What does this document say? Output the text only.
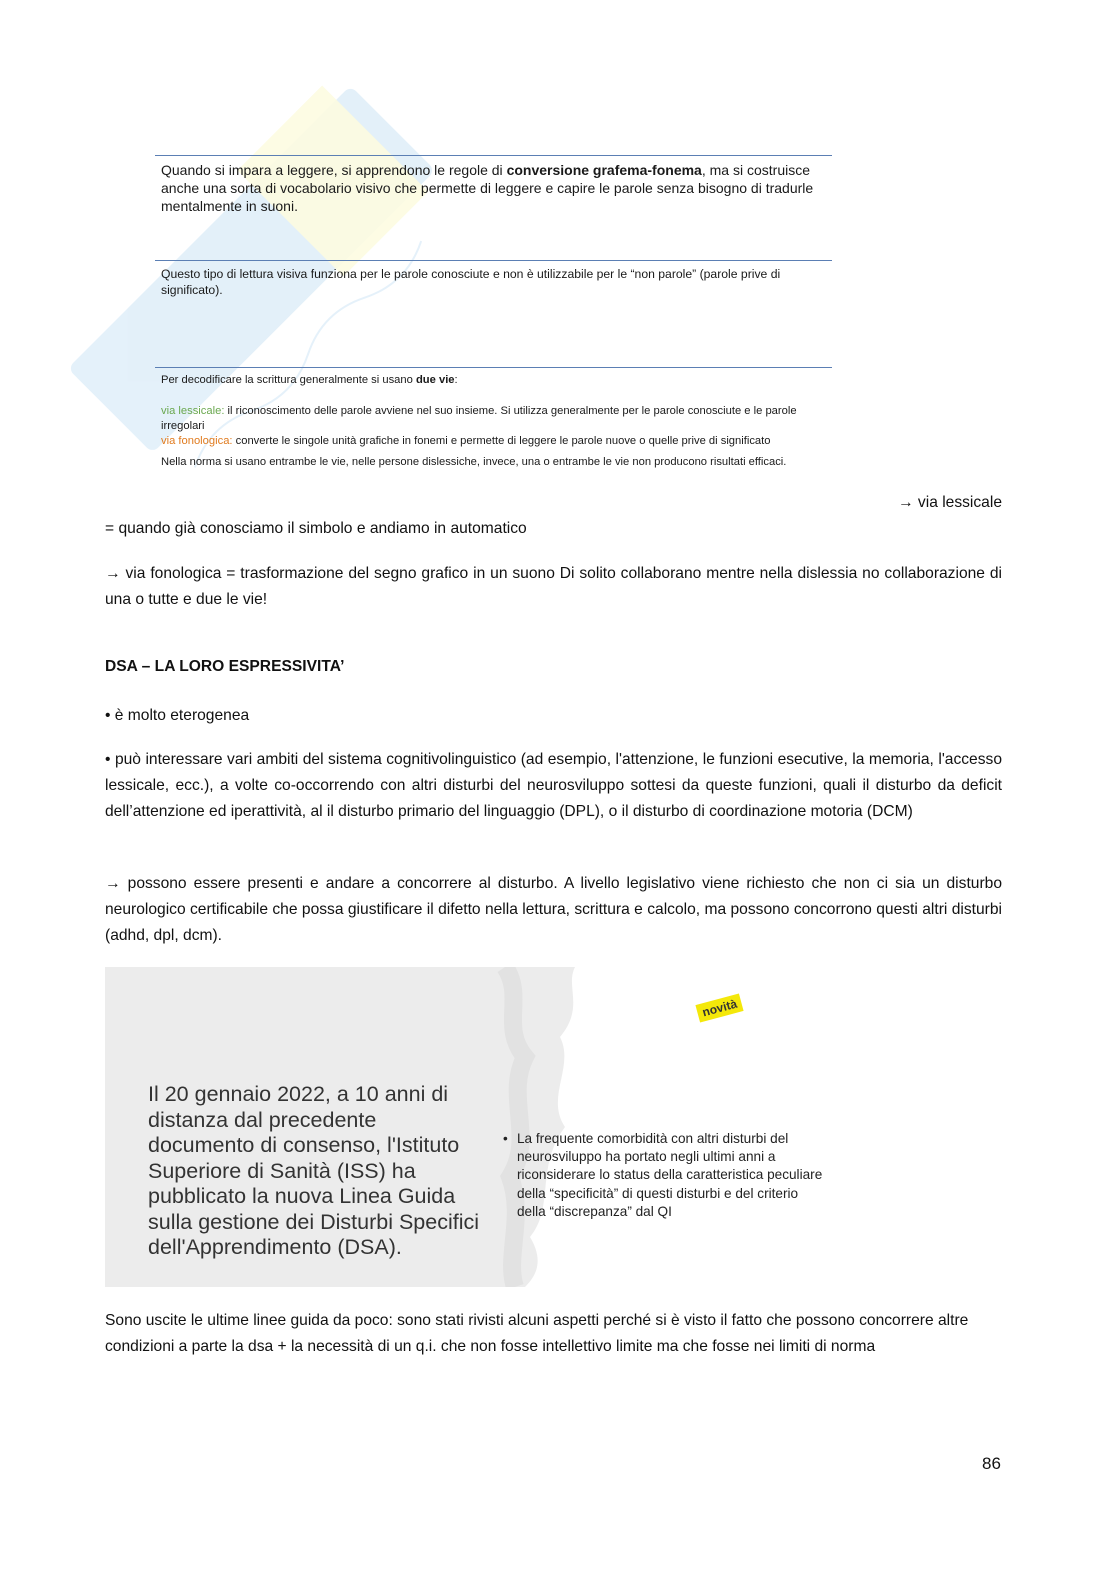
Quando si impara a leggere, si apprendono le regole di conversione grafema-fonema, ma si costruisce anche una sorta di vocabolario visivo che permette di leggere e capire le parole senza bisogno di tradurle mentalmente in suoni.
Questo tipo di lettura visiva funziona per le parole conosciute e non è utilizzabile per le “non parole” (parole prive di significato).
Per decodificare la scrittura generalmente si usano due vie:
via lessicale: il riconoscimento delle parole avviene nel suo insieme. Si utilizza generalmente per le parole conosciute e le parole irregolari
via fonologica: converte le singole unità grafiche in fonemi e permette di leggere le parole nuove o quelle prive di significato
Nella norma si usano entrambe le vie, nelle persone dislessiche, invece, una o entrambe le vie non producono risultati efficaci.
→ via lessicale
= quando già conosciamo il simbolo e andiamo in automatico
→ via fonologica = trasformazione del segno grafico in un suono Di solito collaborano mentre nella dislessia no collaborazione di una o tutte e due le vie!
DSA – LA LORO ESPRESSIVITA’
• è molto eterogenea
• può interessare vari ambiti del sistema cognitivolinguistico (ad esempio, l'attenzione, le funzioni esecutive, la memoria, l'accesso lessicale, ecc.), a volte co-occorrendo con altri disturbi del neurosviluppo sottesi da queste funzioni, quali il disturbo da deficit dell’attenzione ed iperattività, al il disturbo primario del linguaggio (DPL), o il disturbo di coordinazione motoria (DCM)
→ possono essere presenti e andare a concorrere al disturbo. A livello legislativo viene richiesto che non ci sia un disturbo neurologico certificabile che possa giustificare il difetto nella lettura, scrittura e calcolo, ma possono concorrono questi altri disturbi (adhd, dpl, dcm).
novità
Il 20 gennaio 2022, a 10 anni di distanza dal precedente documento di consenso, l'Istituto Superiore di Sanità (ISS) ha pubblicato la nuova Linea Guida sulla gestione dei Disturbi Specifici dell'Apprendimento (DSA).
• La frequente comorbidità con altri disturbi del neurosviluppo ha portato negli ultimi anni a riconsiderare lo status della caratteristica peculiare della “specificità” di questi disturbi e del criterio della “discrepanza” dal QI
Sono uscite le ultime linee guida da poco: sono stati rivisti alcuni aspetti perché si è visto il fatto che possono concorrere altre condizioni a parte la dsa + la necessità di un q.i. che non fosse intellettivo limite ma che fosse nei limiti di norma
86
